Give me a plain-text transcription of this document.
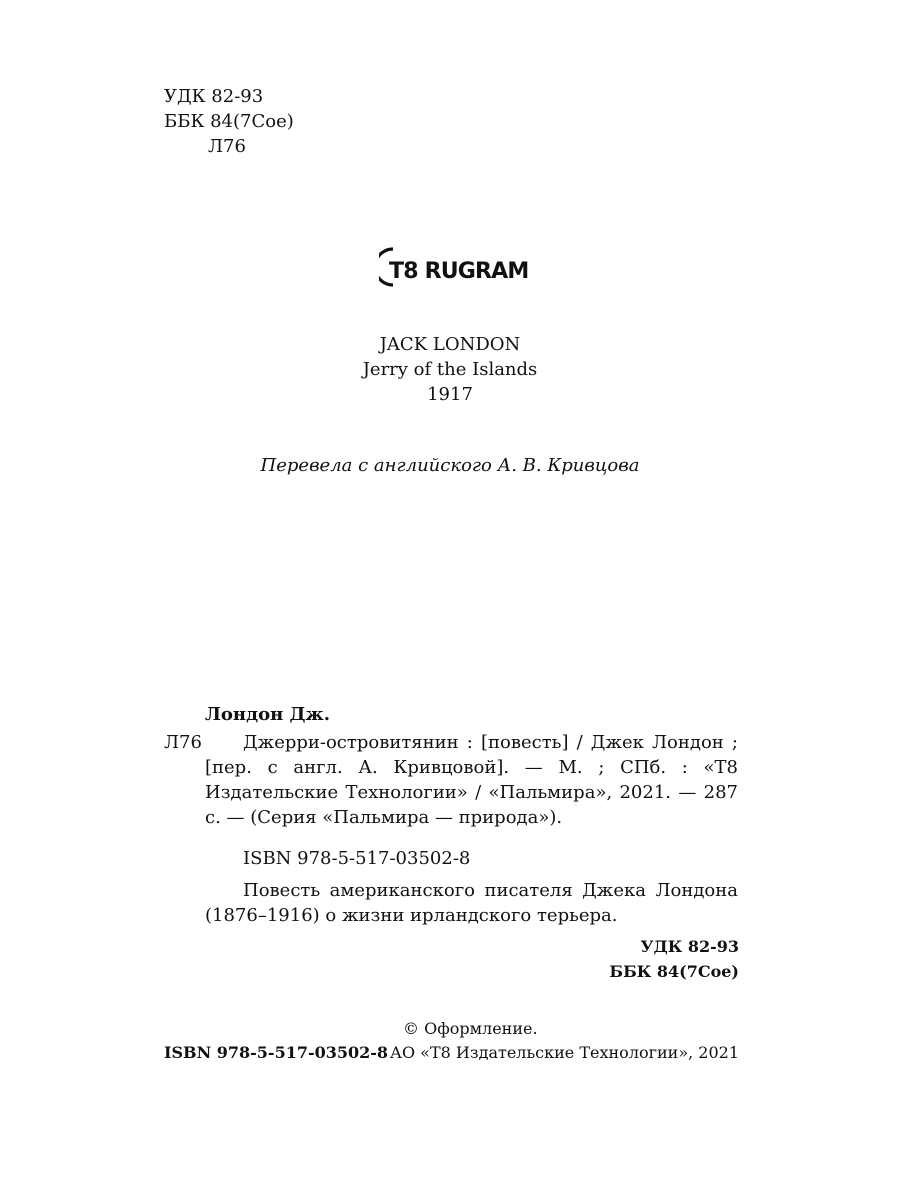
УДК 82-93
ББК 84(7Сое)
Л76
T8 RUGRAM
JACK LONDON
Jerry of the Islands
1917
Перевела с английского А. В. Кривцова
Лондон Дж.
Л76	Джерри-островитянин : [повесть] / Джек Лондон ; [пер. с англ. А. Кривцовой]. — М. ; СПб. : «Т8 Издательские Технологии» / «Пальмира», 2021. — 287 с. — (Серия «Пальмира — природа»).
ISBN 978-5-517-03502-8
Повесть американского писателя Джека Лондона (1876–1916) о жизни ирландского терьера.
УДК 82-93
ББК 84(7Сое)
© Оформление.
ISBN 978-5-517-03502-8 АО «Т8 Издательские Технологии», 2021
